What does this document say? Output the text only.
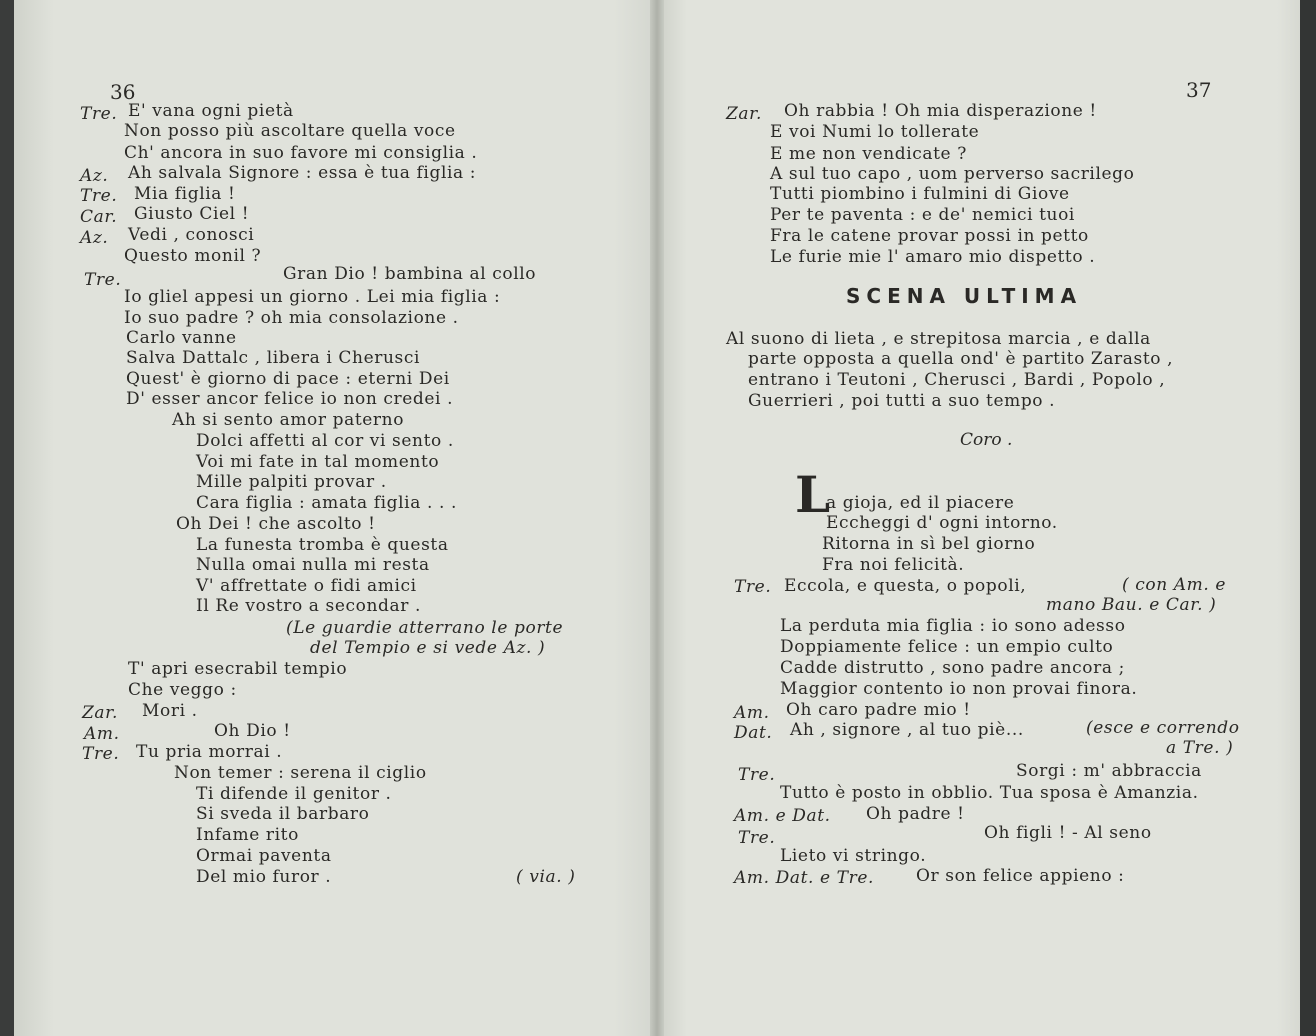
36
Tre. E' vana ogni pietà
Non posso più ascoltare quella voce
Ch' ancora in suo favore mi consiglia .
Az. Ah salvala Signore : essa è tua figlia :
Tre. Mia figlia !
Car. Giusto Ciel !
Az. Vedi , conosci
Questo monil ?
Tre.	Gran Dio ! bambina al collo
Io gliel appesi un giorno . Lei mia figlia :
Io suo padre ? oh mia consolazione .
Carlo vanne
Salva Dattalc , libera i Cherusci
Quest' è giorno di pace : eterni Dei
D' esser ancor felice io non credei .
Ah si sento amor paterno
Dolci affetti al cor vi sento .
Voi mi fate in tal momento
Mille palpiti provar .
Cara figlia : amata figlia . . .
Oh Dei ! che ascolto !
La funesta tromba è questa
Nulla omai nulla mi resta
V' affrettate o fidi amici
Il Re vostro a secondar .
(Le guardie atterrano le porte
del Tempio e si vede Az. )
T' apri esecrabil tempio
Che veggo :
Zar. Mori .
Am.	Oh Dio !
Tre. Tu pria morrai .
Non temer : serena il ciglio
Ti difende il genitor .
Si sveda il barbaro
Infame rito
Ormai paventa
Del mio furor .	( via. )
37
Zar. Oh rabbia ! Oh mia disperazione !
E voi Numi lo tollerate
E me non vendicate ?
A sul tuo capo , uom perverso sacrilego
Tutti piombino i fulmini di Giove
Per te paventa : e de' nemici tuoi
Fra le catene provar possi in petto
Le furie mie l' amaro mio dispetto .
SCENA ULTIMA
Al suono di lieta , e strepitosa marcia , e dalla
parte opposta a quella ond' è partito Zarasto ,
entrano i Teutoni , Cherusci , Bardi , Popolo ,
Guerrieri , poi tutti a suo tempo .
Coro .
L
a gioja, ed il piacere
Eccheggi d' ogni intorno.
Ritorna in sì bel giorno
Fra noi felicità.
Tre. Eccola, e questa, o popoli,	( con Am. e
mano Bau. e Car. )
La perduta mia figlia : io sono adesso
Doppiamente felice : un empio culto
Cadde distrutto , sono padre ancora ;
Maggior contento io non provai finora.
Am. Oh caro padre mio !
Dat. Ah , signore , al tuo piè...	(esce e correndo
a Tre. )
Tre.	Sorgi : m' abbraccia
Tutto è posto in obblio. Tua sposa è Amanzia.
Am. e Dat. Oh padre !
Tre.	Oh figli ! - Al seno
Lieto vi stringo.
Am. Dat. e Tre. Or son felice appieno :
